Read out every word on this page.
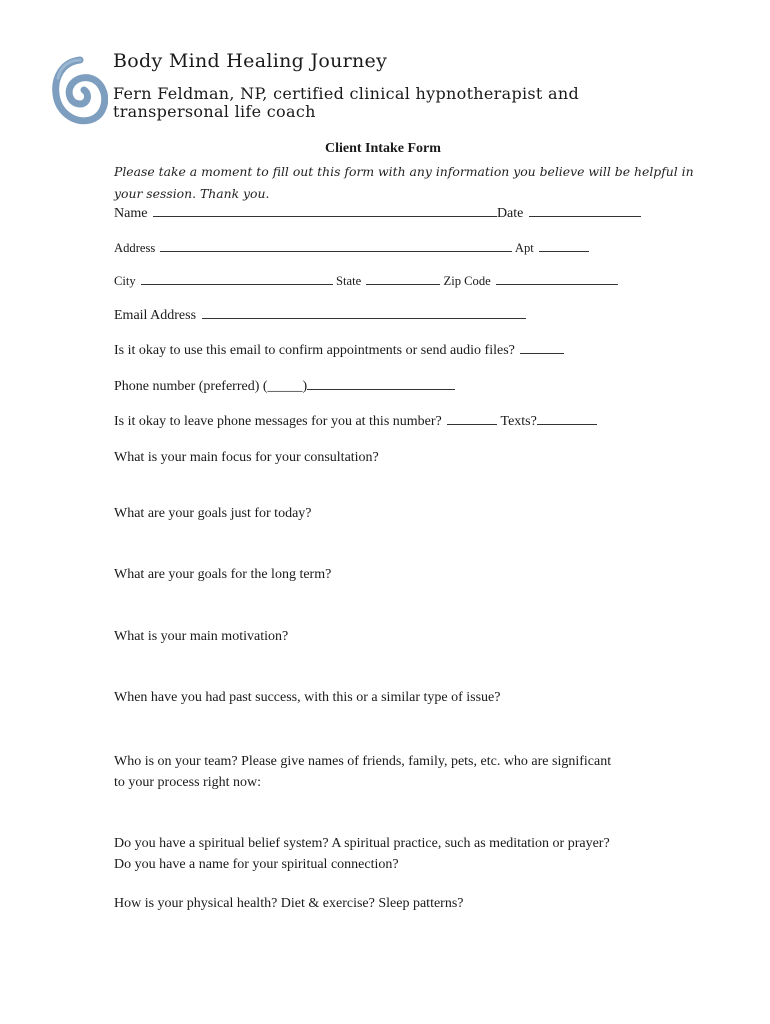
Body Mind Healing Journey
Fern Feldman, NP, certified clinical hypnotherapist and
transpersonal life coach
Client Intake Form
Please take a moment to fill out this form with any information you believe will be helpful in your session. Thank you.
Name	Date
Address	Apt
City	State	Zip Code
Email Address
Is it okay to use this email to confirm appointments or send audio files?
Phone number (preferred) (_____)
Is it okay to leave phone messages for you at this number?	Texts?
What is your main focus for your consultation?
What are your goals just for today?
What are your goals for the long term?
What is your main motivation?
When have you had past success, with this or a similar type of issue?
Who is on your team? Please give names of friends, family, pets, etc. who are significant
to your process right now:
Do you have a spiritual belief system? A spiritual practice, such as meditation or prayer?
Do you have a name for your spiritual connection?
How is your physical health? Diet & exercise? Sleep patterns?
